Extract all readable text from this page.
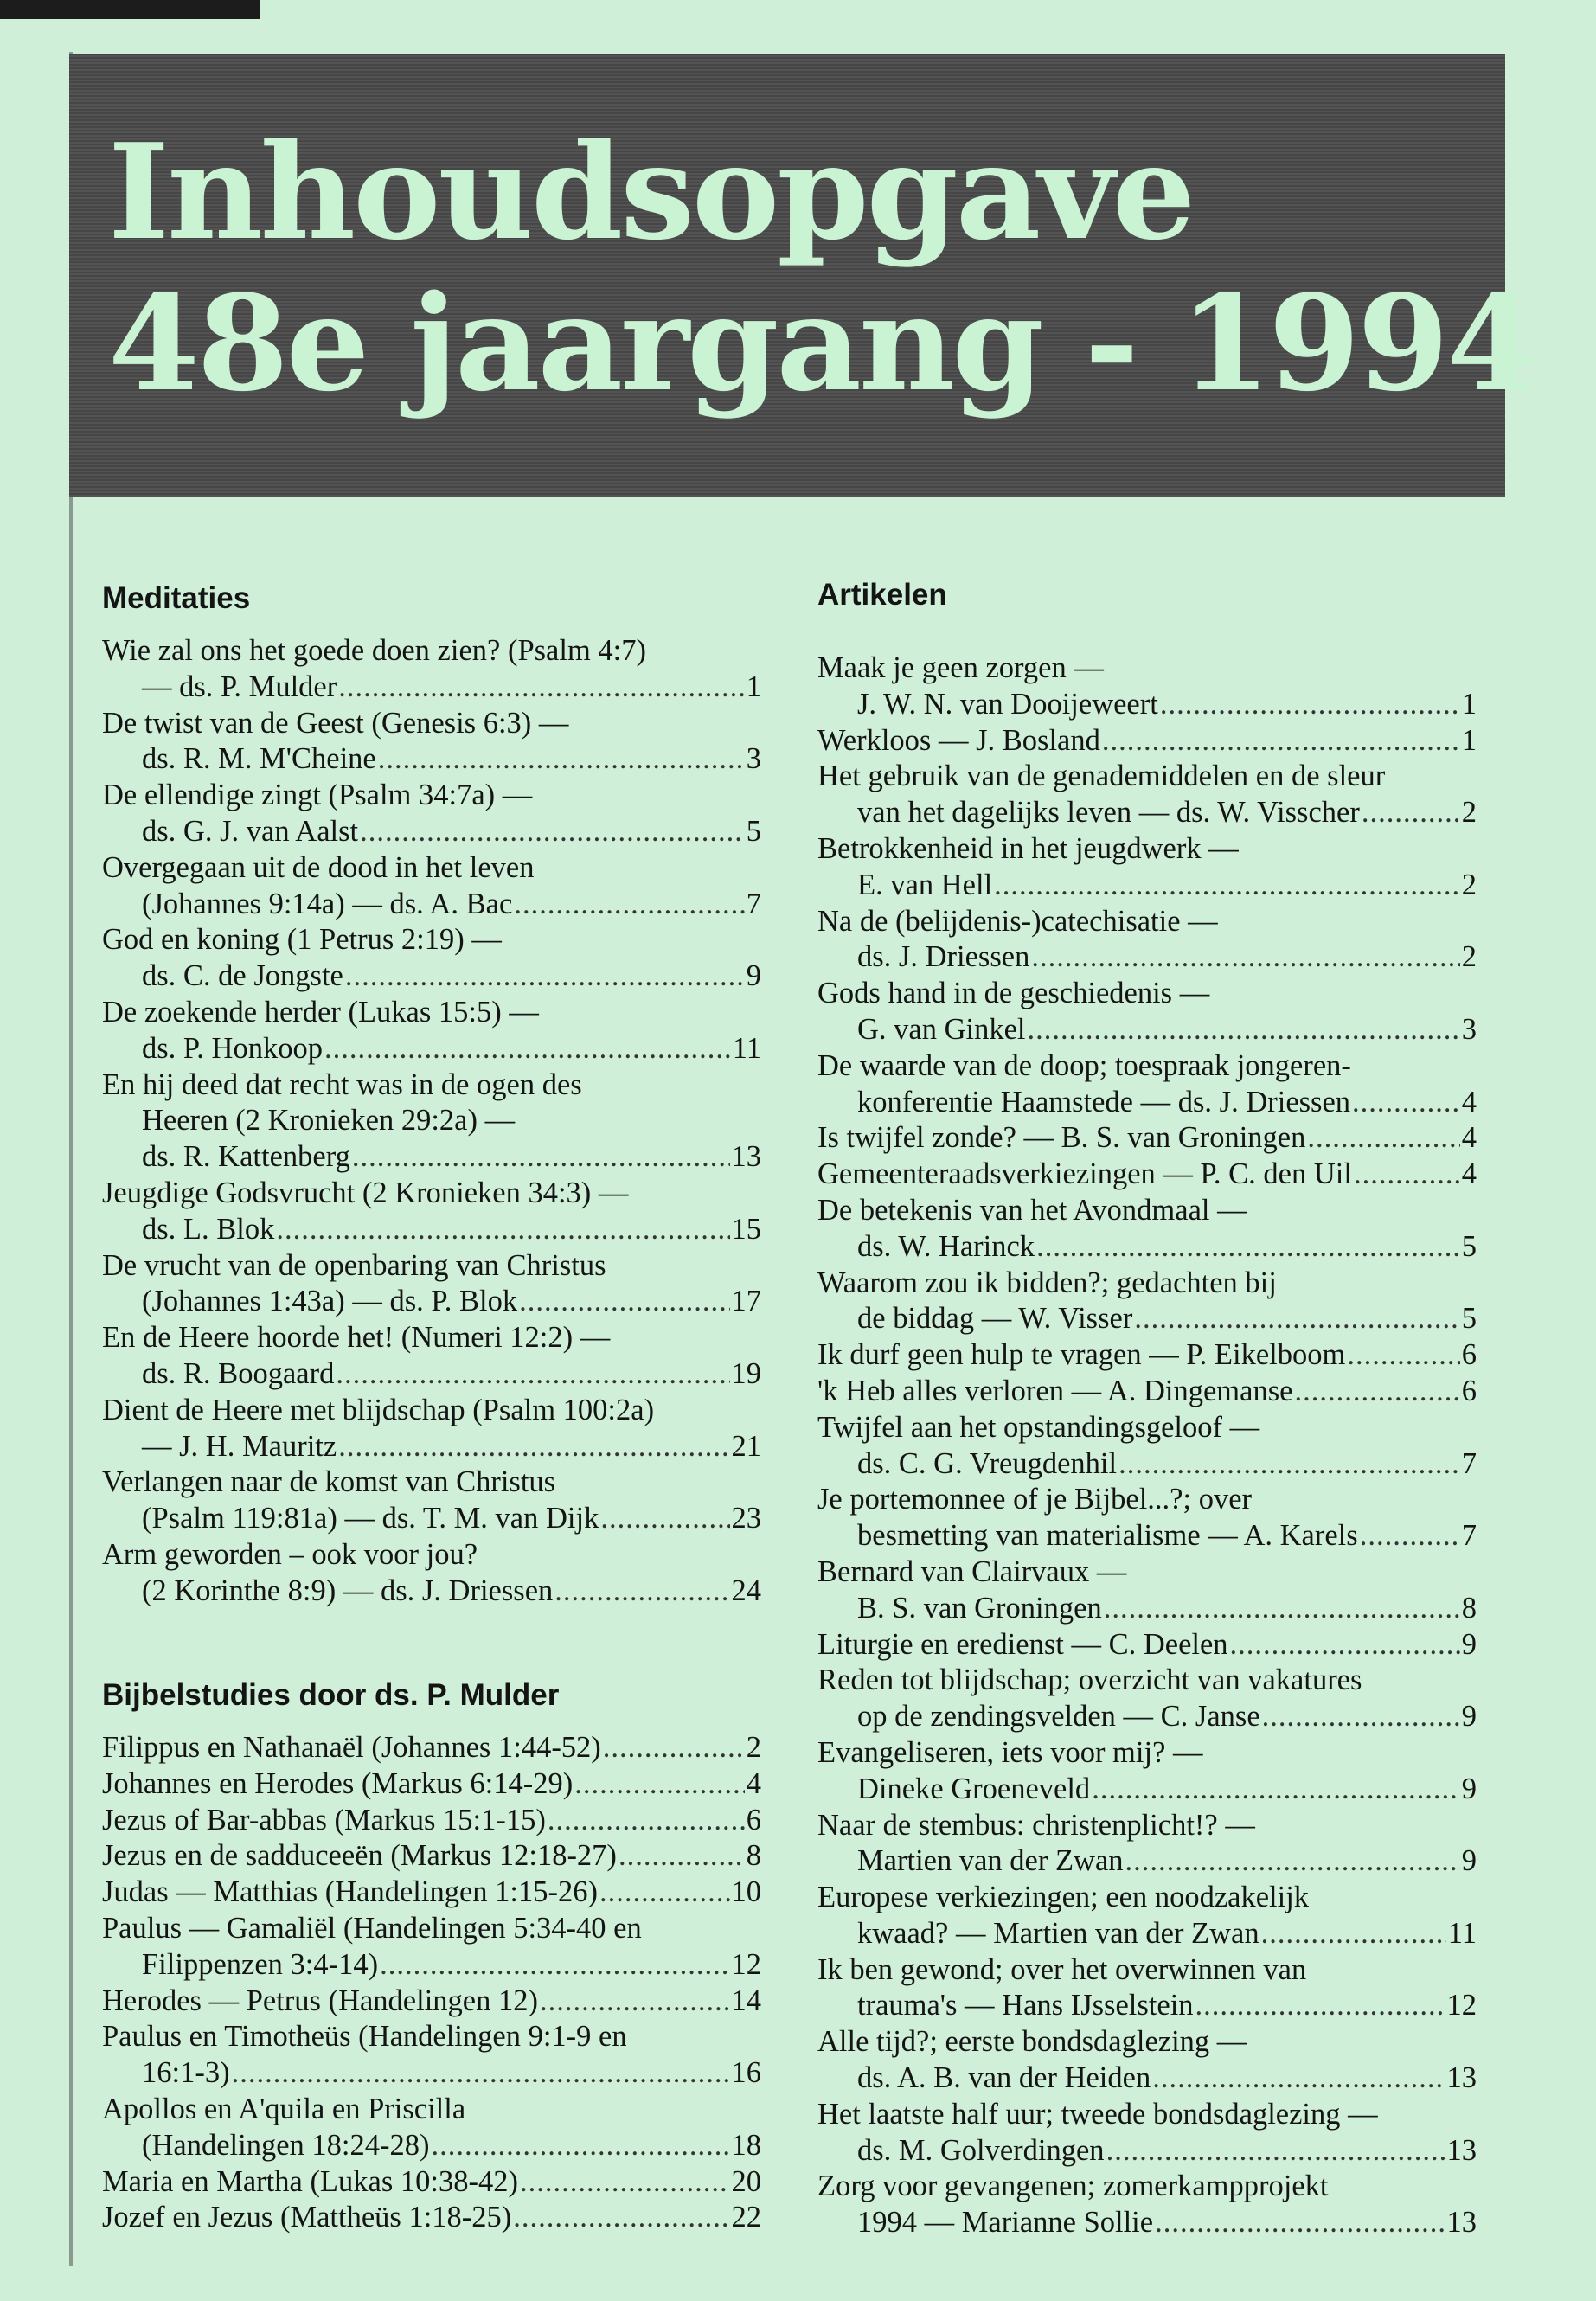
Inhoudsopgave
48e jaargang - 1994
Meditaties
Wie zal ons het goede doen zien? (Psalm 4:7)
— ds. P. Mulder .....	1
De twist van de Geest (Genesis 6:3) —
ds. R. M. M'Cheine .....	3
De ellendige zingt (Psalm 34:7a) —
ds. G. J. van Aalst .....	5
Overgegaan uit de dood in het leven
(Johannes 9:14a) — ds. A. Bac .....	7
God en koning (1 Petrus 2:19) —
ds. C. de Jongste .....	9
De zoekende herder (Lukas 15:5) —
ds. P. Honkoop .....	11
En hij deed dat recht was in de ogen des
Heeren (2 Kronieken 29:2a) —
ds. R. Kattenberg .....	13
Jeugdige Godsvrucht (2 Kronieken 34:3) —
ds. L. Blok .....	15
De vrucht van de openbaring van Christus
(Johannes 1:43a) — ds. P. Blok .....	17
En de Heere hoorde het! (Numeri 12:2) —
ds. R. Boogaard .....	19
Dient de Heere met blijdschap (Psalm 100:2a)
— J. H. Mauritz .....	21
Verlangen naar de komst van Christus
(Psalm 119:81a) — ds. T. M. van Dijk .....	23
Arm geworden – ook voor jou?
(2 Korinthe 8:9) — ds. J. Driessen .....	24
Bijbelstudies door ds. P. Mulder
Filippus en Nathanaël (Johannes 1:44-52) .....	2
Johannes en Herodes (Markus 6:14-29) .....	4
Jezus of Bar-abbas (Markus 15:1-15) .....	6
Jezus en de sadduceeën (Markus 12:18-27) .....	8
Judas — Matthias (Handelingen 1:15-26) .....	10
Paulus — Gamaliël (Handelingen 5:34-40 en
Filippenzen 3:4-14) .....	12
Herodes — Petrus (Handelingen 12) .....	14
Paulus en Timotheüs (Handelingen 9:1-9 en
16:1-3) .....	16
Apollos en A'quila en Priscilla
(Handelingen 18:24-28) .....	18
Maria en Martha (Lukas 10:38-42) .....	20
Jozef en Jezus (Mattheüs 1:18-25) .....	22
Artikelen
Maak je geen zorgen —
J. W. N. van Dooijeweert .....	1
Werkloos — J. Bosland .....	1
Het gebruik van de genademiddelen en de sleur
van het dagelijks leven — ds. W. Visscher .....	2
Betrokkenheid in het jeugdwerk —
E. van Hell .....	2
Na de (belijdenis-)catechisatie —
ds. J. Driessen .....	2
Gods hand in de geschiedenis —
G. van Ginkel .....	3
De waarde van de doop; toespraak jongeren-
konferentie Haamstede — ds. J. Driessen .....	4
Is twijfel zonde? — B. S. van Groningen .....	4
Gemeenteraadsverkiezingen — P. C. den Uil .....	4
De betekenis van het Avondmaal —
ds. W. Harinck .....	5
Waarom zou ik bidden?; gedachten bij
de biddag — W. Visser .....	5
Ik durf geen hulp te vragen — P. Eikelboom .....	6
'k Heb alles verloren — A. Dingemanse .....	6
Twijfel aan het opstandingsgeloof —
ds. C. G. Vreugdenhil .....	7
Je portemonnee of je Bijbel...?; over
besmetting van materialisme — A. Karels .....	7
Bernard van Clairvaux —
B. S. van Groningen .....	8
Liturgie en eredienst — C. Deelen .....	9
Reden tot blijdschap; overzicht van vakatures
op de zendingsvelden — C. Janse .....	9
Evangeliseren, iets voor mij? —
Dineke Groeneveld .....	9
Naar de stembus: christenplicht!? —
Martien van der Zwan .....	9
Europese verkiezingen; een noodzakelijk
kwaad? — Martien van der Zwan .....	11
Ik ben gewond; over het overwinnen van
trauma's — Hans IJsselstein .....	12
Alle tijd?; eerste bondsdaglezing —
ds. A. B. van der Heiden .....	13
Het laatste half uur; tweede bondsdaglezing —
ds. M. Golverdingen .....	13
Zorg voor gevangenen; zomerkampprojekt
1994 — Marianne Sollie .....	13
